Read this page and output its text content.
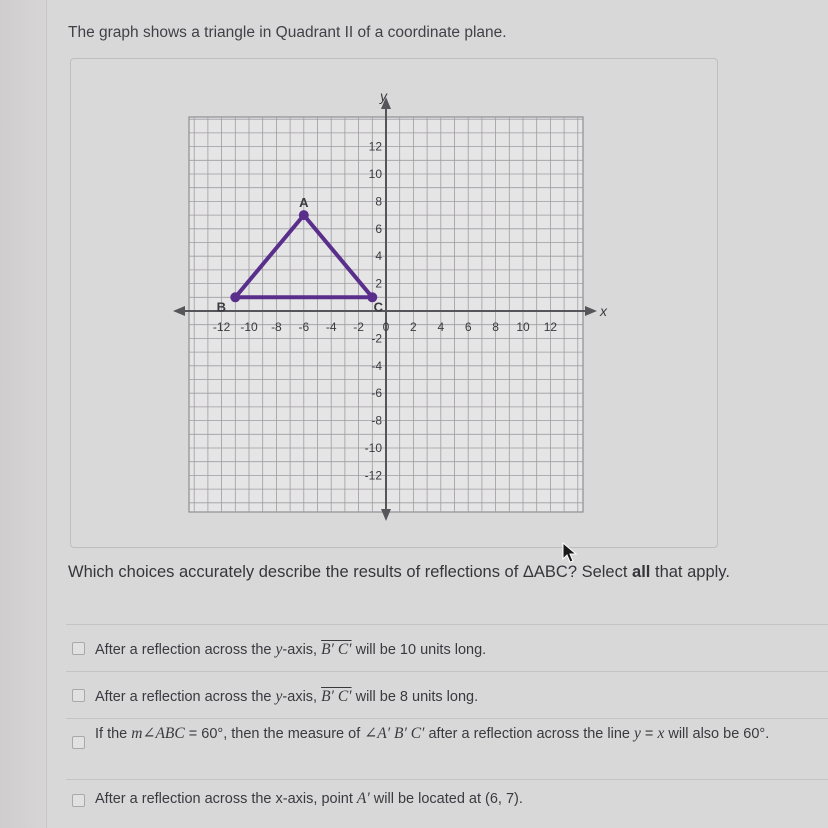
The graph shows a triangle in Quadrant II of a coordinate plane.
x
y
-12 -10 -8 -6 -4 -2 0 2 4 6 8 10 12
12
10
8
6
4
2
-2
-4
-6
-8
-10
-12
A
B	C
Which choices accurately describe the results of reflections of ΔABC? Select all that apply.
After a reflection across the y-axis, B′ C′ will be 10 units long.
After a reflection across the y-axis, B′ C′ will be 8 units long.
If the m∠ABC = 60°, then the measure of ∠A′ B′ C′ after a reflection across the line y = x will also be 60°.
After a reflection across the x-axis, point A′ will be located at (6, 7).
